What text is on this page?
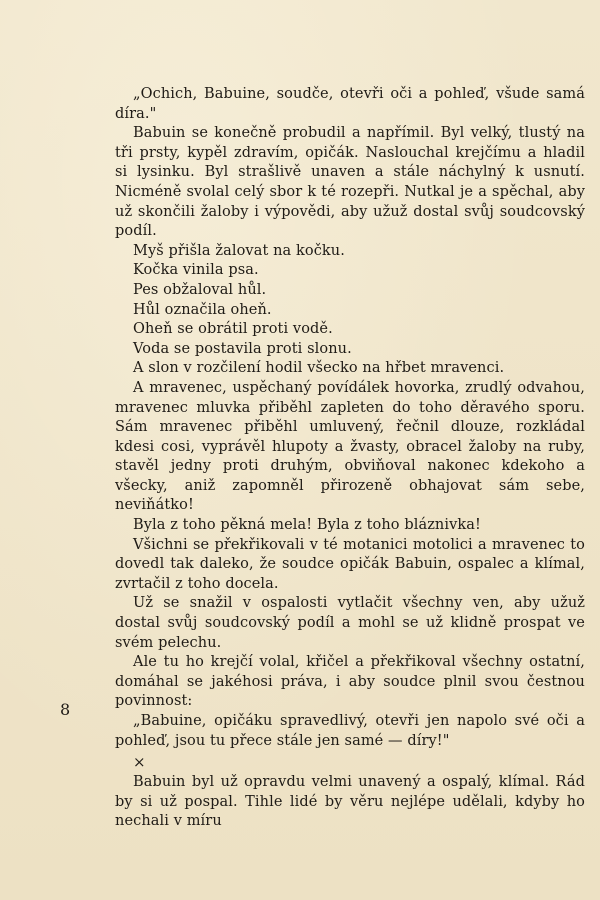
„Ochich, Babuine, soudče, otevři oči a pohleď, všude samá díra."

Babuin se konečně probudil a napřímil. Byl velký, tlustý na tři prsty, kypěl zdravím, opičák. Naslouchal krejčímu a hladil si lysinku. Byl strašlivě unaven a stále náchylný k usnutí. Nicméně svolal celý sbor k té rozepři. Nutkal je a spěchal, aby už skončili žaloby i výpovědi, aby užuž dostal svůj soudcovský podíl.

Myš přišla žalovat na kočku.

Kočka vinila psa.

Pes obžaloval hůl.

Hůl označila oheň.

Oheň se obrátil proti vodě.

Voda se postavila proti slonu.

A slon v rozčilení hodil všecko na hřbet mravenci.

A mravenec, uspěchaný povídálek hovorka, zrudlý odvahou, mravenec mluvka přiběhl zapleten do toho děravého sporu. Sám mravenec přiběhl umluvený, řečnil dlouze, rozkládal kdesi cosi, vyprávěl hlupoty a žvasty, obracel žaloby na ruby, stavěl jedny proti druhým, obviňoval nakonec kdekoho a všecky, aniž zapomněl přirozeně obhajovat sám sebe, neviňátko!

Byla z toho pěkná mela! Byla z toho bláznivka!

Všichni se překřikovali v té motanici motolici a mravenec to dovedl tak daleko, že soudce opičák Babuin, ospalec a klímal, zvrtačil z toho docela.

Už se snažil v ospalosti vytlačit všechny ven, aby užuž dostal svůj soudcovský podíl a mohl se už klidně prospat ve svém pelechu.

Ale tu ho krejčí volal, křičel a překřikoval všechny ostatní, domáhal se jakéhosi práva, i aby soudce plnil svou čestnou povinnost:

„Babuine, opičáku spravedlivý, otevři jen napolo své oči a pohleď, jsou tu přece stále jen samé — díry!"

×

Babuin byl už opravdu velmi unavený a ospalý, klímal. Rád by si už pospal. Tihle lidé by věru nejlépe udělali, kdyby ho nechali v míru

8
